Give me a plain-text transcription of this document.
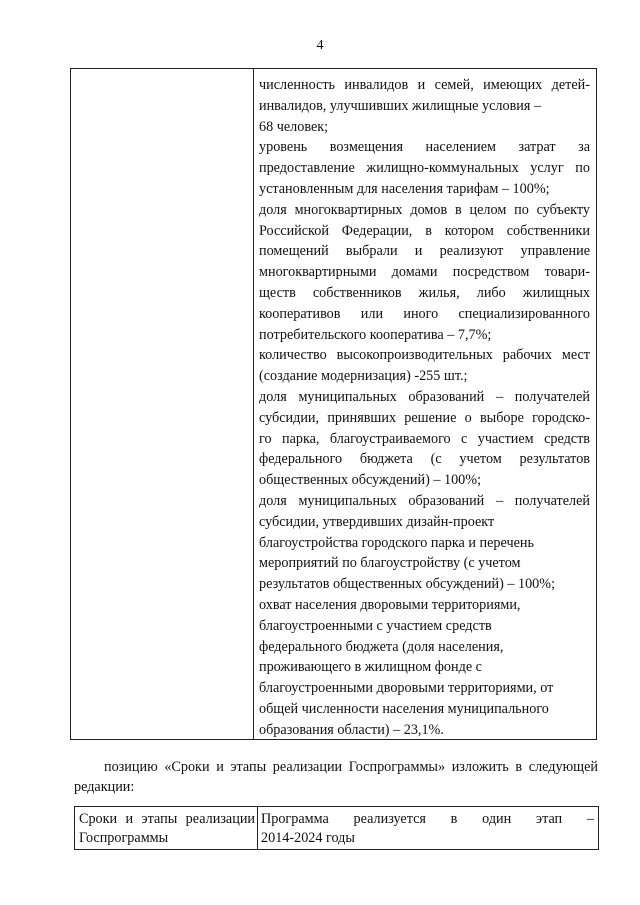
4
численность инвалидов и семей, имеющих детей-
инвалидов, улучшивших жилищные условия –
68 человек;
уровень возмещения населением затрат за
предоставление жилищно-коммунальных услуг по
установленным для населения тарифам – 100%;
доля многоквартирных домов в целом по субъекту
Российской Федерации, в котором собственники
помещений выбрали и реализуют управление
многоквартирными домами посредством товари-
ществ собственников жилья, либо жилищных
кооперативов или иного специализированного
потребительского кооператива – 7,7%;
количество высокопроизводительных рабочих мест
(создание модернизация) -255 шт.;
доля муниципальных образований – получателей
субсидии, принявших решение о выборе городско-
го парка, благоустраиваемого с участием средств
федерального бюджета (с учетом результатов
общественных обсуждений) – 100%;
доля муниципальных образований – получателей
субсидии, утвердивших дизайн-проект
благоустройства городского парка и перечень
мероприятий по благоустройству (с учетом
результатов общественных обсуждений) – 100%;
охват населения дворовыми территориями,
благоустроенными с участием средств
федерального бюджета (доля населения,
проживающего в жилищном фонде с
благоустроенными дворовыми территориями, от
общей численности населения муниципального
образования области) – 23,1%.
позицию «Сроки и этапы реализации Госпрограммы» изложить в следующей редакции:
Сроки и этапы реализации
Госпрограммы
Программа реализуется в один этап –
2014-2024 годы
